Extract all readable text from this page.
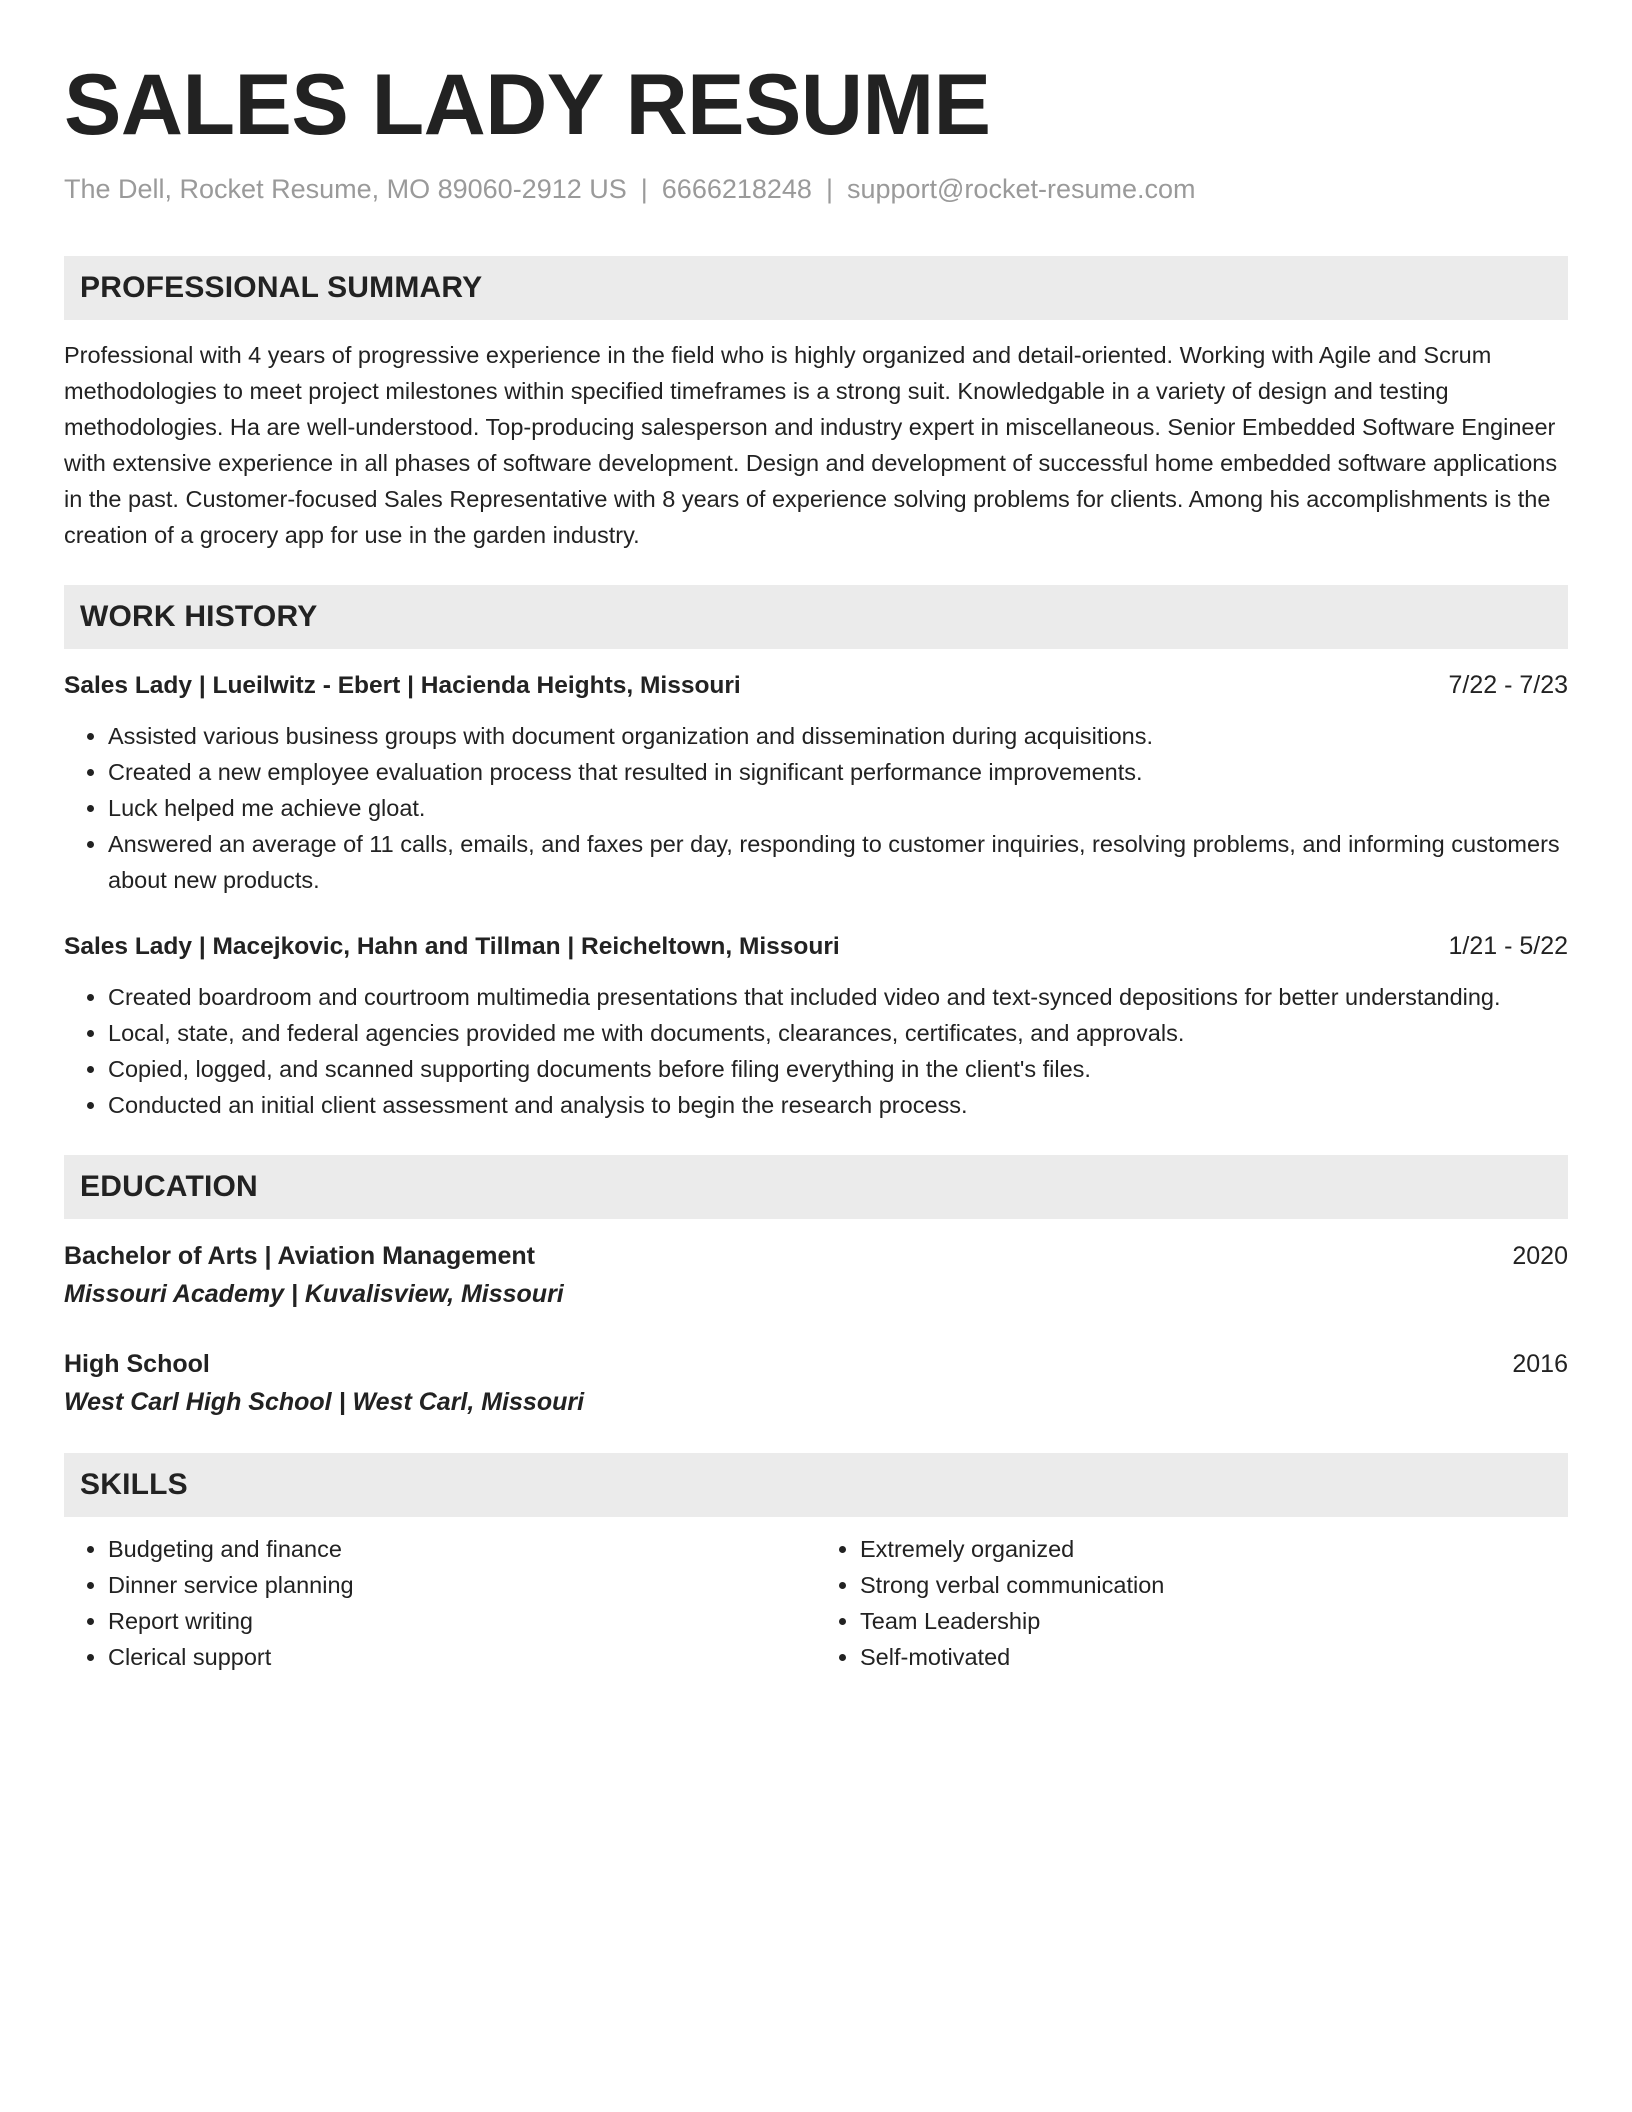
SALES LADY RESUME
The Dell, Rocket Resume, MO 89060-2912 US | 6666218248 | support@rocket-resume.com
PROFESSIONAL SUMMARY
Professional with 4 years of progressive experience in the field who is highly organized and detail-oriented. Working with Agile and Scrum methodologies to meet project milestones within specified timeframes is a strong suit. Knowledgable in a variety of design and testing methodologies. Ha are well-understood. Top-producing salesperson and industry expert in miscellaneous. Senior Embedded Software Engineer with extensive experience in all phases of software development. Design and development of successful home embedded software applications in the past. Customer-focused Sales Representative with 8 years of experience solving problems for clients. Among his accomplishments is the creation of a grocery app for use in the garden industry.
WORK HISTORY
Sales Lady | Lueilwitz - Ebert | Hacienda Heights, Missouri	7/22 - 7/23
• Assisted various business groups with document organization and dissemination during acquisitions.
• Created a new employee evaluation process that resulted in significant performance improvements.
• Luck helped me achieve gloat.
• Answered an average of 11 calls, emails, and faxes per day, responding to customer inquiries, resolving problems, and informing customers about new products.
Sales Lady | Macejkovic, Hahn and Tillman | Reicheltown, Missouri	1/21 - 5/22
• Created boardroom and courtroom multimedia presentations that included video and text-synced depositions for better understanding.
• Local, state, and federal agencies provided me with documents, clearances, certificates, and approvals.
• Copied, logged, and scanned supporting documents before filing everything in the client's files.
• Conducted an initial client assessment and analysis to begin the research process.
EDUCATION
Bachelor of Arts | Aviation Management	2020
Missouri Academy | Kuvalisview, Missouri
High School	2016
West Carl High School | West Carl, Missouri
SKILLS
• Budgeting and finance
• Dinner service planning
• Report writing
• Clerical support
• Extremely organized
• Strong verbal communication
• Team Leadership
• Self-motivated
